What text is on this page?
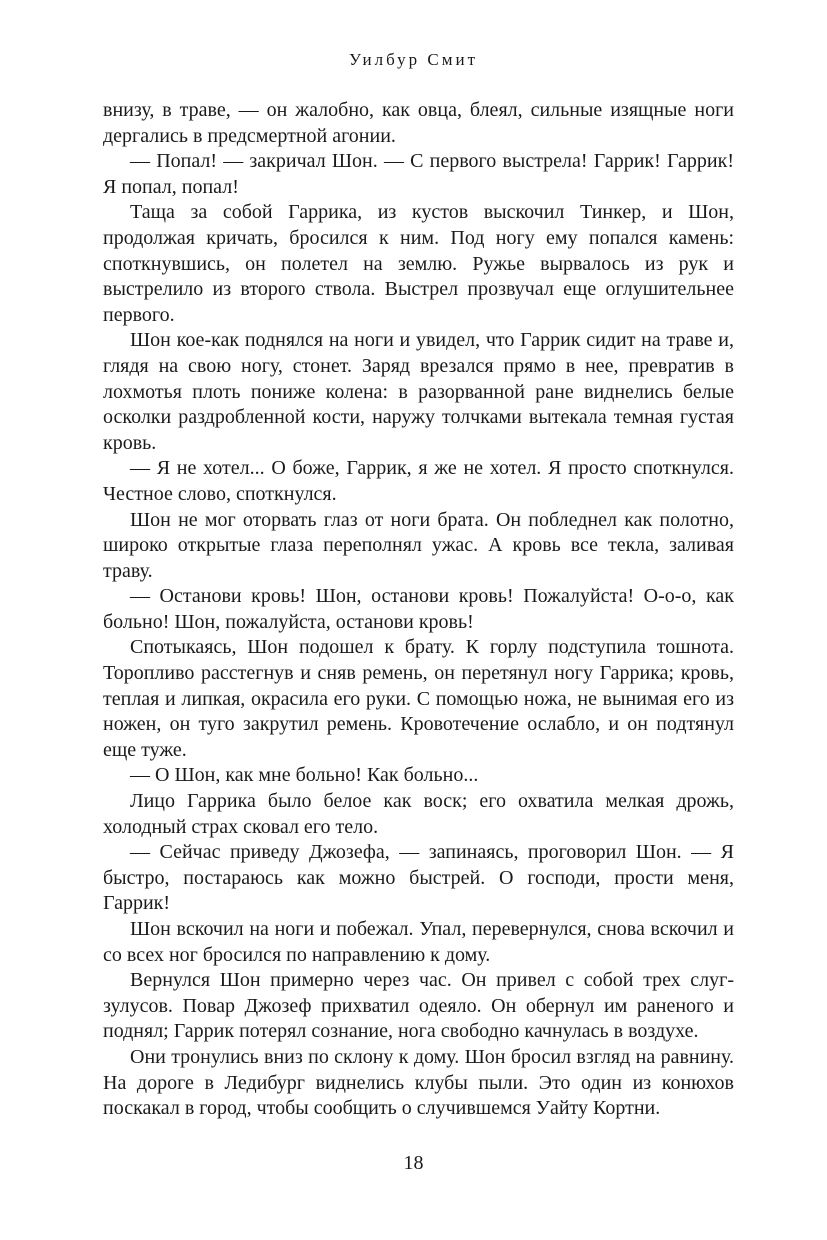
Уилбур Смит

внизу, в траве, — он жалобно, как овца, блеял, сильные изящные ноги дергались в предсмертной агонии.

— Попал! — закричал Шон. — С первого выстрела! Гаррик! Гаррик! Я попал, попал!

Таща за собой Гаррика, из кустов выскочил Тинкер, и Шон, продолжая кричать, бросился к ним. Под ногу ему попался камень: споткнувшись, он полетел на землю. Ружье вырвалось из рук и выстрелило из второго ствола. Выстрел прозвучал еще оглушительнее первого.

Шон кое-как поднялся на ноги и увидел, что Гаррик сидит на траве и, глядя на свою ногу, стонет. Заряд врезался прямо в нее, превратив в лохмотья плоть пониже колена: в разорванной ране виднелись белые осколки раздробленной кости, наружу толчками вытекала темная густая кровь.

— Я не хотел... О боже, Гаррик, я же не хотел. Я просто споткнулся. Честное слово, споткнулся.

Шон не мог оторвать глаз от ноги брата. Он побледнел как полотно, широко открытые глаза переполнял ужас. А кровь все текла, заливая траву.

— Останови кровь! Шон, останови кровь! Пожалуйста! О-о-о, как больно! Шон, пожалуйста, останови кровь!

Спотыкаясь, Шон подошел к брату. К горлу подступила тошнота. Торопливо расстегнув и сняв ремень, он перетянул ногу Гаррика; кровь, теплая и липкая, окрасила его руки. С помощью ножа, не вынимая его из ножен, он туго закрутил ремень. Кровотечение ослабло, и он подтянул еще туже.

— О Шон, как мне больно! Как больно...

Лицо Гаррика было белое как воск; его охватила мелкая дрожь, холодный страх сковал его тело.

— Сейчас приведу Джозефа, — запинаясь, проговорил Шон. — Я быстро, постараюсь как можно быстрей. О господи, прости меня, Гаррик!

Шон вскочил на ноги и побежал. Упал, перевернулся, снова вскочил и со всех ног бросился по направлению к дому.

Вернулся Шон примерно через час. Он привел с собой трех слуг-зулусов. Повар Джозеф прихватил одеяло. Он обернул им раненого и поднял; Гаррик потерял сознание, нога свободно качнулась в воздухе.

Они тронулись вниз по склону к дому. Шон бросил взгляд на равнину. На дороге в Ледибург виднелись клубы пыли. Это один из конюхов поскакал в город, чтобы сообщить о случившемся Уайту Кортни.

18
